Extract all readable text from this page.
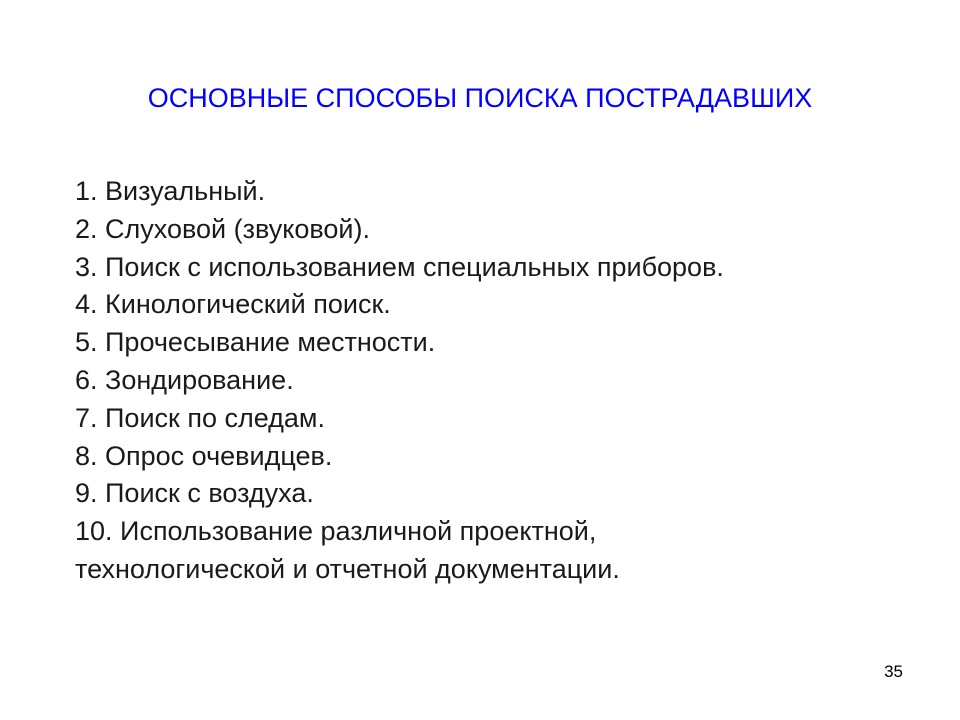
ОСНОВНЫЕ СПОСОБЫ ПОИСКА ПОСТРАДАВШИХ
1. Визуальный.
2. Слуховой (звуковой).
3. Поиск с использованием специальных приборов.
4. Кинологический поиск.
5. Прочесывание местности.
6. Зондирование.
7. Поиск по следам.
8. Опрос очевидцев.
9. Поиск с воздуха.
10. Использование различной проектной, технологической и отчетной документации.
35
